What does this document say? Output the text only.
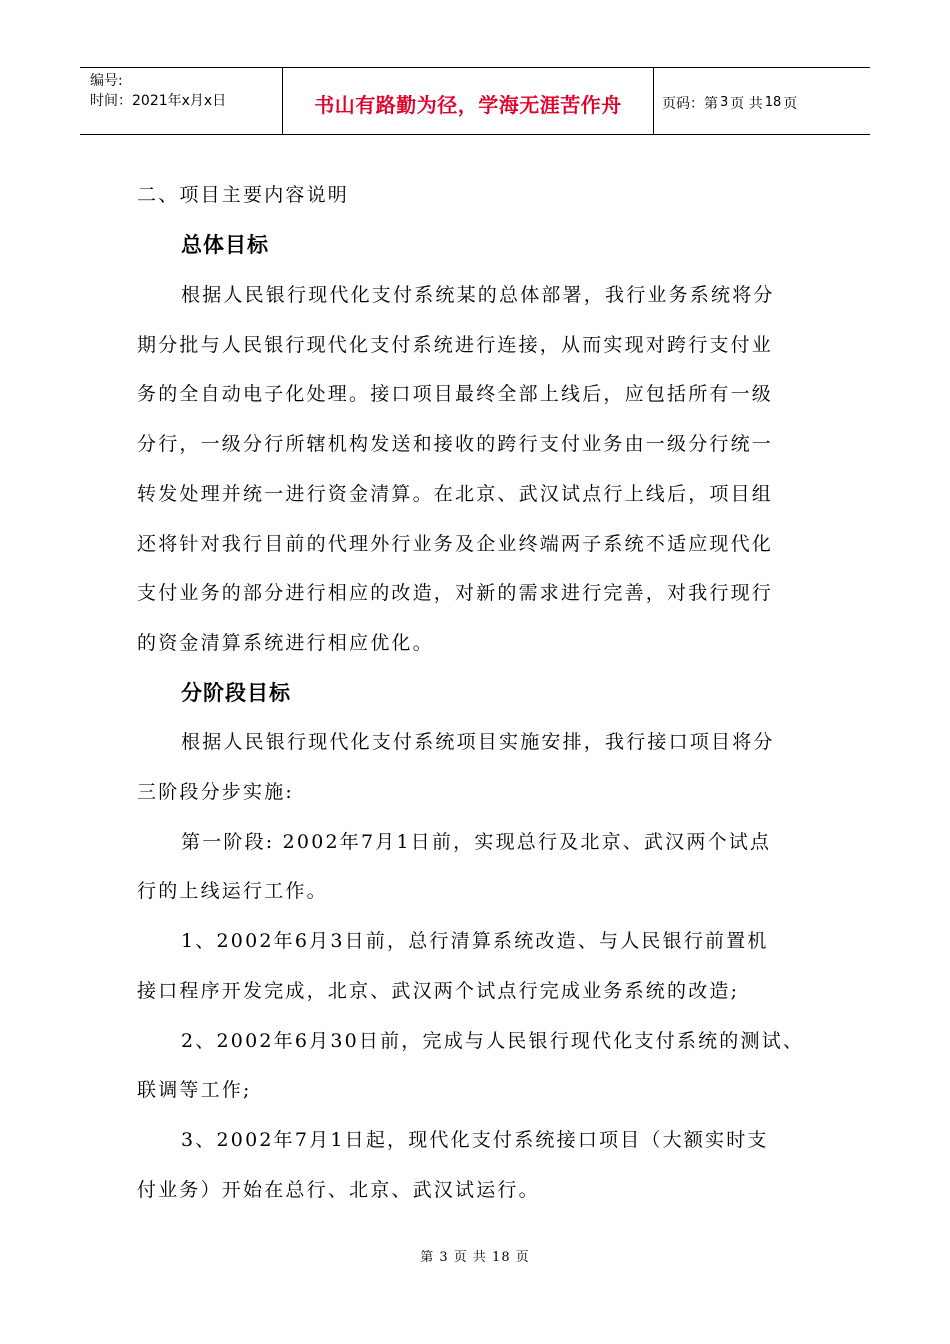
编号:
时间：2021年x月x日	书山有路勤为径，学海无涯苦作舟	页码：第 3 页 共 18 页
二、项目主要内容说明
总体目标
根据人民银行现代化支付系统某的总体部署，我行业务系统将分
期分批与人民银行现代化支付系统进行连接，从而实现对跨行支付业
务的全自动电子化处理。接口项目最终全部上线后，应包括所有一级
分行，一级分行所辖机构发送和接收的跨行支付业务由一级分行统一
转发处理并统一进行资金清算。在北京、武汉试点行上线后，项目组
还将针对我行目前的代理外行业务及企业终端两子系统不适应现代化
支付业务的部分进行相应的改造，对新的需求进行完善，对我行现行
的资金清算系统进行相应优化。
分阶段目标
根据人民银行现代化支付系统项目实施安排，我行接口项目将分
三阶段分步实施:
第一阶段: 2002年7月1日前，实现总行及北京、武汉两个试点
行的上线运行工作。
1、2002年6月3日前，总行清算系统改造、与人民银行前置机
接口程序开发完成，北京、武汉两个试点行完成业务系统的改造;
2、2002年6月30日前，完成与人民银行现代化支付系统的测试、
联调等工作;
3、2002年7月1日起，现代化支付系统接口项目（大额实时支
付业务）开始在总行、北京、武汉试运行。
第 3 页 共 18 页
